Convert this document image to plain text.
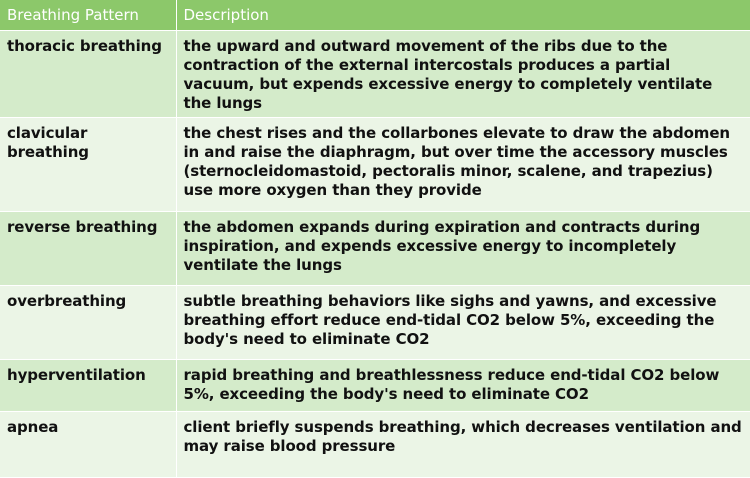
Breathing Pattern	Description
thoracic breathing	the upward and outward movement of the ribs due to the contraction of the external intercostals produces a partial vacuum, but expends excessive energy to completely ventilate the lungs
clavicular breathing	the chest rises and the collarbones elevate to draw the abdomen in and raise the diaphragm, but over time the accessory muscles (sternocleidomastoid, pectoralis minor, scalene, and trapezius) use more oxygen than they provide
reverse breathing	the abdomen expands during expiration and contracts during inspiration, and expends excessive energy to incompletely ventilate the lungs
overbreathing	subtle breathing behaviors like sighs and yawns, and excessive breathing effort reduce end-tidal CO2 below 5%, exceeding the body's need to eliminate CO2
hyperventilation	rapid breathing and breathlessness reduce end-tidal CO2 below 5%, exceeding the body's need to eliminate CO2
apnea	client briefly suspends breathing, which decreases ventilation and may raise blood pressure
